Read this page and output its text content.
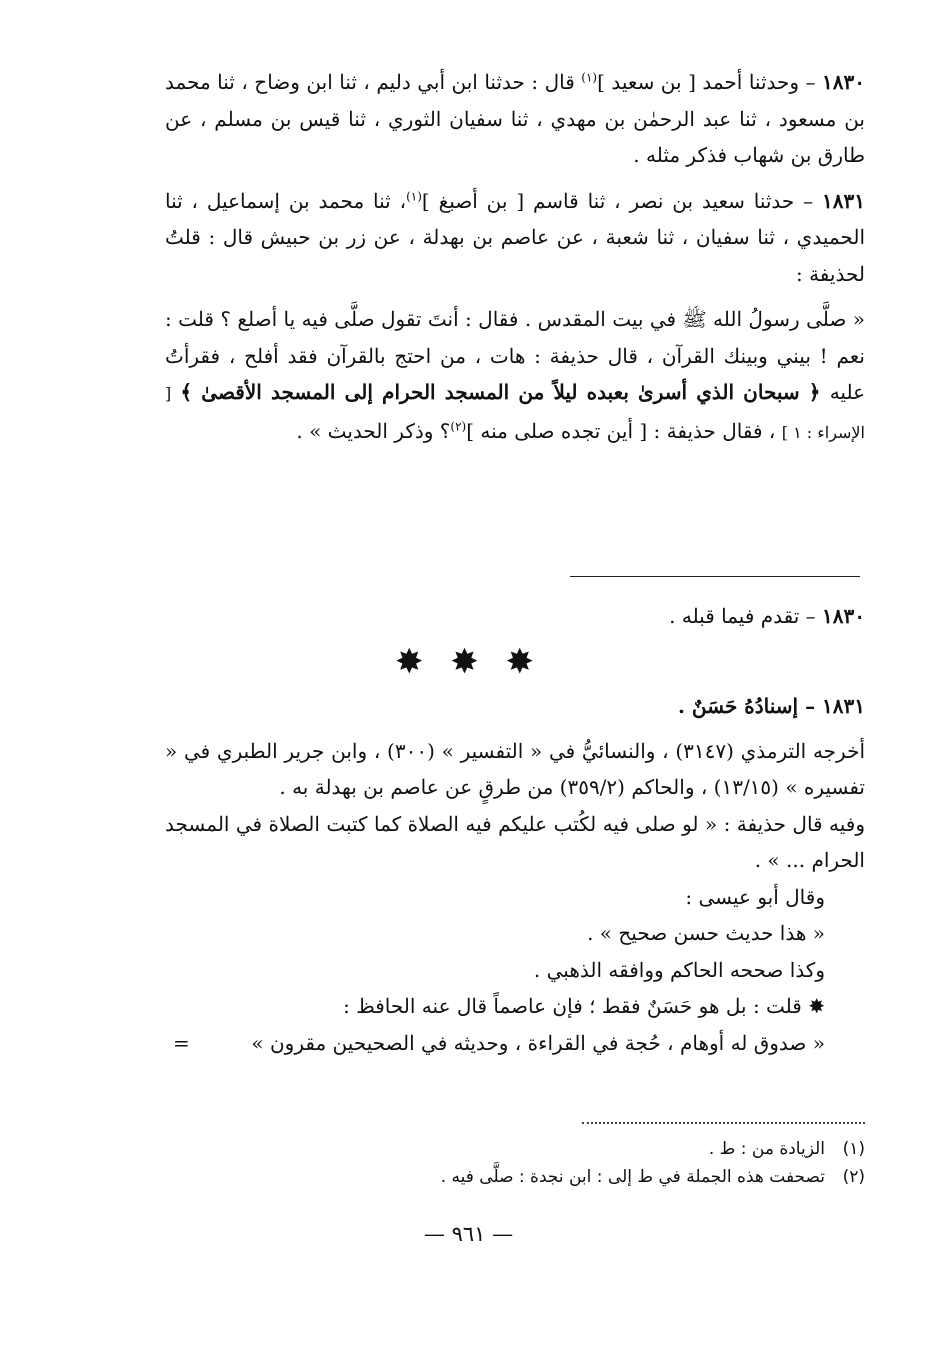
١٨٣٠ – وحدثنا أحمد [ بن سعيد ]$^{(١)}$ قال : حدثنا ابن أبي دليم ، ثنا ابن وضاح ، ثنا محمد بن مسعود ، ثنا عبد الرحمٰن بن مهدي ، ثنا سفيان الثوري ، ثنا قيس بن مسلم ، عن طارق بن شهاب فذكر مثله .

١٨٣١ – حدثنا سعيد بن نصر ، ثنا قاسم [ بن أصبغ ]$^{(١)}$، ثنا محمد بن إسماعيل ، ثنا الحميدي ، ثنا سفيان ، ثنا شعبة ، عن عاصم بن بهدلة ، عن زر بن حبيش قال : قلتُ لحذيفة :

« صلَّى رسولُ الله ﷺ في بيت المقدس . فقال : أنتَ تقول صلَّى فيه يا أصلع ؟ قلت : نعم ! بيني وبينك القرآن ، قال حذيفة : هات ، من احتج بالقرآن فقد أفلح ، فقرأتُ عليه ﴿ سبحان الذي أسرىٰ بعبده ليلاً من المسجد الحرام إلى المسجد الأقصىٰ ﴾ [ الإسراء : ١ ] ، فقال حذيفة : [ أين تجده صلى منه ]$^{(٢)}$؟ وذكر الحديث » .

١٨٣٠ – تقدم فيما قبله .
✸ ✸ ✸

١٨٣١ – إسنادُهُ حَسَنٌ .

أخرجه الترمذي (٣١٤٧) ، والنسائيُّ في « التفسير » (٣٠٠) ، وابن جرير الطبري في « تفسيره » (١٣/١٥) ، والحاكم (٣٥٩/٢) من طرقٍ عن عاصم بن بهدلة به .

وفيه قال حذيفة : « لو صلى فيه لكُتب عليكم فيه الصلاة كما كتبت الصلاة في المسجد الحرام ... » .

وقال أبو عيسى :

« هذا حديث حسن صحيح » .

وكذا صححه الحاكم ووافقه الذهبي .

✸ قلت : بل هو حَسَنٌ فقط ؛ فإن عاصماً قال عنه الحافظ :

« صدوق له أوهام ، حُجة في القراءة ، وحديثه في الصحيحين مقرون »
=

(١)الزيادة من : ط .
(٢)تصحفت هذه الجملة في ط إلى : ابن نجدة : صلَّى فيه .
— ٩٦١ —
